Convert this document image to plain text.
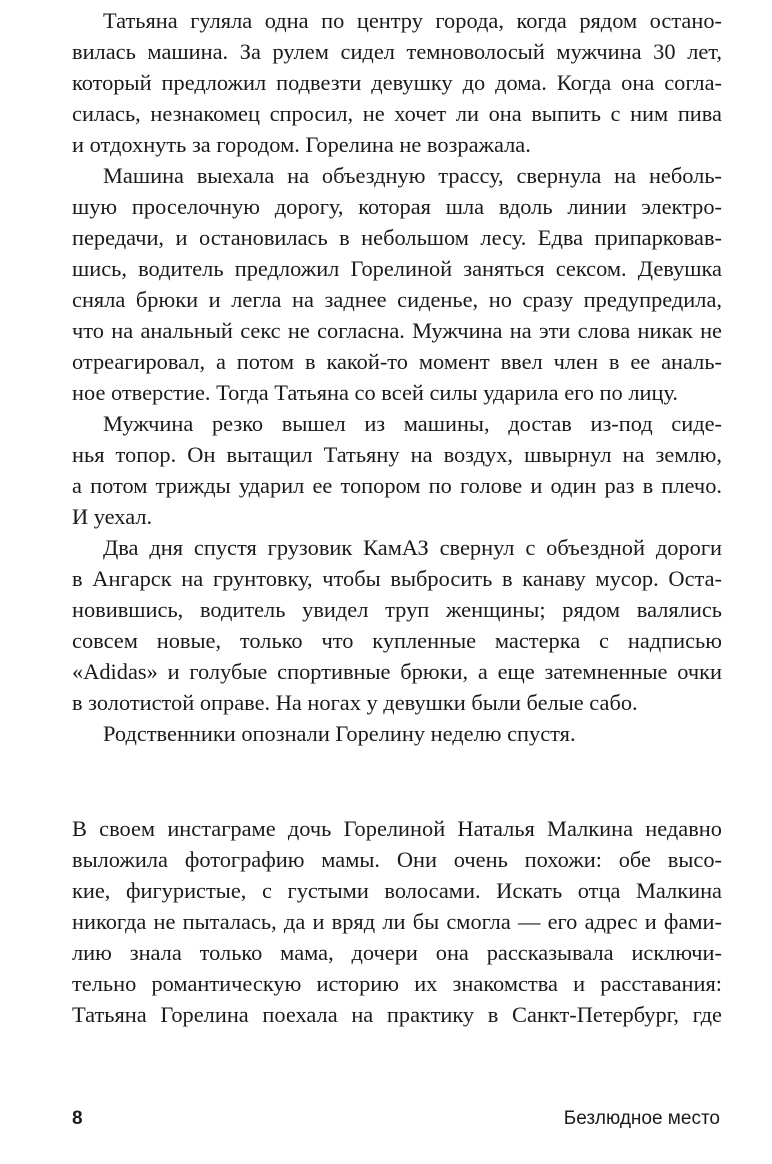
Татьяна гуляла одна по центру города, когда рядом остано-
вилась машина. За рулем сидел темноволосый мужчина 30 лет,
который предложил подвезти девушку до дома. Когда она согла-
силась, незнакомец спросил, не хочет ли она выпить с ним пива
и отдохнуть за городом. Горелина не возражала.
Машина выехала на объездную трассу, свернула на неболь-
шую проселочную дорогу, которая шла вдоль линии электро-
передачи, и остановилась в небольшом лесу. Едва припарковав-
шись, водитель предложил Горелиной заняться сексом. Девушка
сняла брюки и легла на заднее сиденье, но сразу предупредила,
что на анальный секс не согласна. Мужчина на эти слова никак не
отреагировал, а потом в какой-то момент ввел член в ее аналь-
ное отверстие. Тогда Татьяна со всей силы ударила его по лицу.
Мужчина резко вышел из машины, достав из-под сиде-
нья топор. Он вытащил Татьяну на воздух, швырнул на землю,
а потом трижды ударил ее топором по голове и один раз в плечо.
И уехал.
Два дня спустя грузовик КамАЗ свернул с объездной дороги
в Ангарск на грунтовку, чтобы выбросить в канаву мусор. Оста-
новившись, водитель увидел труп женщины; рядом валялись
совсем новые, только что купленные мастерка с надписью
«Adidas» и голубые спортивные брюки, а еще затемненные очки
в золотистой оправе. На ногах у девушки были белые сабо.
Родственники опознали Горелину неделю спустя.
В своем инстаграме дочь Горелиной Наталья Малкина недавно
выложила фотографию мамы. Они очень похожи: обе высо-
кие, фигуристые, с густыми волосами. Искать отца Малкина
никогда не пыталась, да и вряд ли бы смогла — его адрес и фами-
лию знала только мама, дочери она рассказывала исключи-
тельно романтическую историю их знакомства и расставания:
Татьяна Горелина поехала на практику в Санкт-Петербург, где
8	Безлюдное место
